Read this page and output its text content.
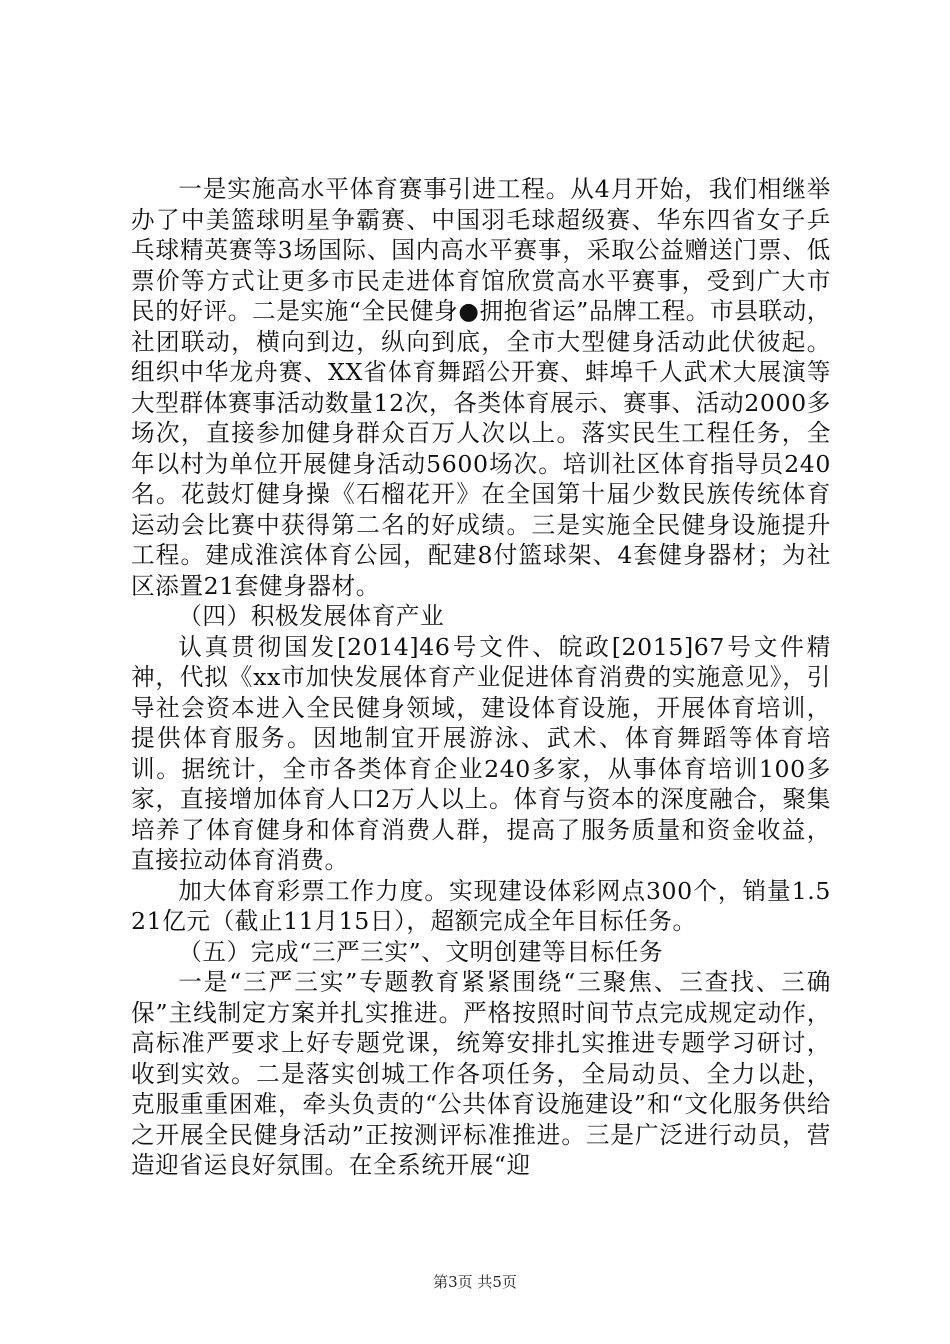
一是实施高水平体育赛事引进工程。从4月开始，我们相继举办了中美篮球明星争霸赛、中国羽毛球超级赛、华东四省女子乒乓球精英赛等3场国际、国内高水平赛事，采取公益赠送门票、低票价等方式让更多市民走进体育馆欣赏高水平赛事，受到广大市民的好评。二是实施“全民健身●拥抱省运”品牌工程。市县联动，社团联动，横向到边，纵向到底，全市大型健身活动此伏彼起。组织中华龙舟赛、XX省体育舞蹈公开赛、蚌埠千人武术大展演等大型群体赛事活动数量12次，各类体育展示、赛事、活动2000多场次，直接参加健身群众百万人次以上。落实民生工程任务，全年以村为单位开展健身活动5600场次。培训社区体育指导员240名。花鼓灯健身操《石榴花开》在全国第十届少数民族传统体育运动会比赛中获得第二名的好成绩。三是实施全民健身设施提升工程。建成淮滨体育公园，配建8付篮球架、4套健身器材；为社区添置21套健身器材。

（四）积极发展体育产业

认真贯彻国发[2014]46号文件、皖政[2015]67号文件精神，代拟《xx市加快发展体育产业促进体育消费的实施意见》，引导社会资本进入全民健身领域，建设体育设施，开展体育培训，提供体育服务。因地制宜开展游泳、武术、体育舞蹈等体育培训。据统计，全市各类体育企业240多家，从事体育培训100多家，直接增加体育人口2万人以上。体育与资本的深度融合，聚集培养了体育健身和体育消费人群，提高了服务质量和资金收益，直接拉动体育消费。

加大体育彩票工作力度。实现建设体彩网点300个，销量1.521亿元（截止11月15日），超额完成全年目标任务。

（五）完成“三严三实”、文明创建等目标任务

一是“三严三实”专题教育紧紧围绕“三聚焦、三查找、三确保”主线制定方案并扎实推进。严格按照时间节点完成规定动作，高标准严要求上好专题党课，统筹安排扎实推进专题学习研讨，收到实效。二是落实创城工作各项任务，全局动员、全力以赴，克服重重困难，牵头负责的“公共体育设施建设”和“文化服务供给之开展全民健身活动”正按测评标准推进。三是广泛进行动员，营造迎省运良好氛围。在全系统开展“迎

第3页 共5页
